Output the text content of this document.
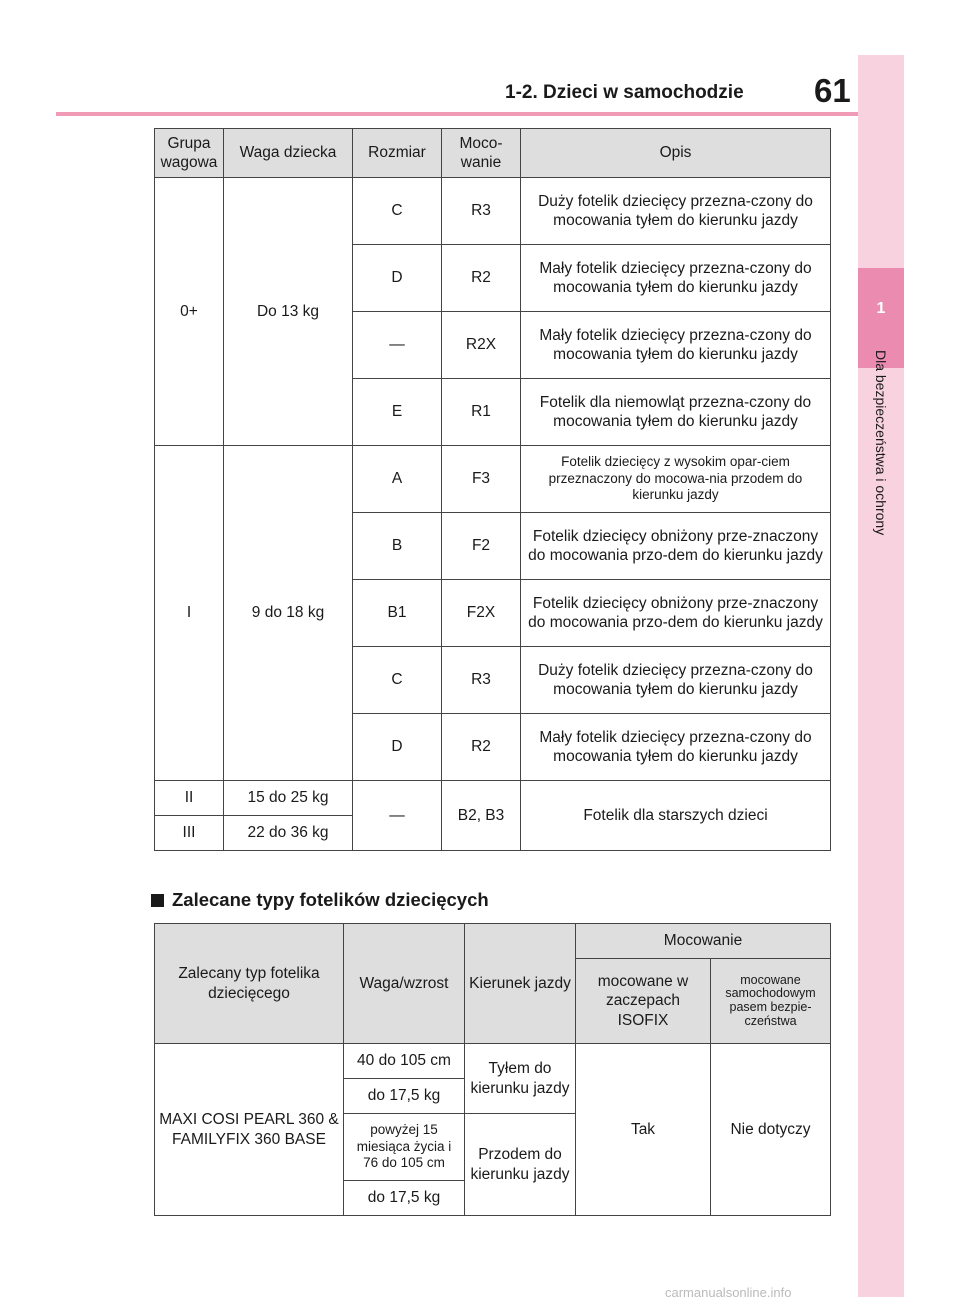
1
Dla bezpieczeństwa i ochrony
1-2. Dzieci w samochodzie 61
Grupa wagowa	Waga dziecka	Rozmiar	Moco-wanie	Opis
0+	Do 13 kg	C	R3	Duży fotelik dziecięcy przezna-czony do mocowania tyłem do kierunku jazdy
		D	R2	Mały fotelik dziecięcy przezna-czony do mocowania tyłem do kierunku jazdy
		—	R2X	Mały fotelik dziecięcy przezna-czony do mocowania tyłem do kierunku jazdy
		E	R1	Fotelik dla niemowląt przezna-czony do mocowania tyłem do kierunku jazdy
I	9 do 18 kg	A	F3	Fotelik dziecięcy z wysokim opar-ciem przeznaczony do mocowa-nia przodem do kierunku jazdy
		B	F2	Fotelik dziecięcy obniżony prze-znaczony do mocowania przo-dem do kierunku jazdy
		B1	F2X	Fotelik dziecięcy obniżony prze-znaczony do mocowania przo-dem do kierunku jazdy
		C	R3	Duży fotelik dziecięcy przezna-czony do mocowania tyłem do kierunku jazdy
		D	R2	Mały fotelik dziecięcy przezna-czony do mocowania tyłem do kierunku jazdy
II	15 do 25 kg	—	B2, B3	Fotelik dla starszych dzieci
III	22 do 36 kg			
Zalecane typy fotelików dziecięcych
Zalecany typ fotelika dziecięcego	Waga/wzrost	Kierunek jazdy	Mocowanie	
			mocowane w zaczepach ISOFIX	mocowane samochodowym pasem bezpie-czeństwa
MAXI COSI PEARL 360 & FAMILYFIX 360 BASE	40 do 105 cm	Tyłem do kierunku jazdy	Tak	Nie dotyczy
	do 17,5 kg			
	powyżej 15 miesiąca życia i 76 do 105 cm	Przodem do kierunku jazdy		
	do 17,5 kg			
carmanualsonline.info
